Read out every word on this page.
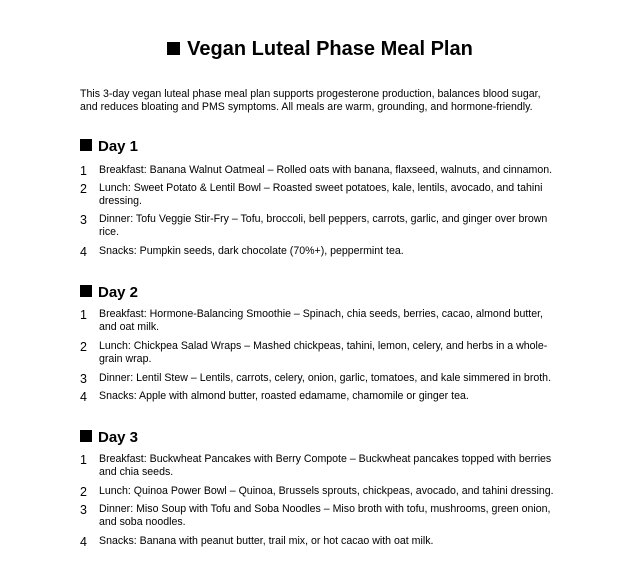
Vegan Luteal Phase Meal Plan

This 3-day vegan luteal phase meal plan supports progesterone production, balances blood sugar, and reduces bloating and PMS symptoms. All meals are warm, grounding, and hormone-friendly.

Day 1
1 Breakfast: Banana Walnut Oatmeal – Rolled oats with banana, flaxseed, walnuts, and cinnamon.
2 Lunch: Sweet Potato & Lentil Bowl – Roasted sweet potatoes, kale, lentils, avocado, and tahini dressing.
3 Dinner: Tofu Veggie Stir-Fry – Tofu, broccoli, bell peppers, carrots, garlic, and ginger over brown rice.
4 Snacks: Pumpkin seeds, dark chocolate (70%+), peppermint tea.
Day 2
1 Breakfast: Hormone-Balancing Smoothie – Spinach, chia seeds, berries, cacao, almond butter, and oat milk.
2 Lunch: Chickpea Salad Wraps – Mashed chickpeas, tahini, lemon, celery, and herbs in a whole-grain wrap.
3 Dinner: Lentil Stew – Lentils, carrots, celery, onion, garlic, tomatoes, and kale simmered in broth.
4 Snacks: Apple with almond butter, roasted edamame, chamomile or ginger tea.
Day 3
1 Breakfast: Buckwheat Pancakes with Berry Compote – Buckwheat pancakes topped with berries and chia seeds.
2 Lunch: Quinoa Power Bowl – Quinoa, Brussels sprouts, chickpeas, avocado, and tahini dressing.
3 Dinner: Miso Soup with Tofu and Soba Noodles – Miso broth with tofu, mushrooms, green onion, and soba noodles.
4 Snacks: Banana with peanut butter, trail mix, or hot cacao with oat milk.
